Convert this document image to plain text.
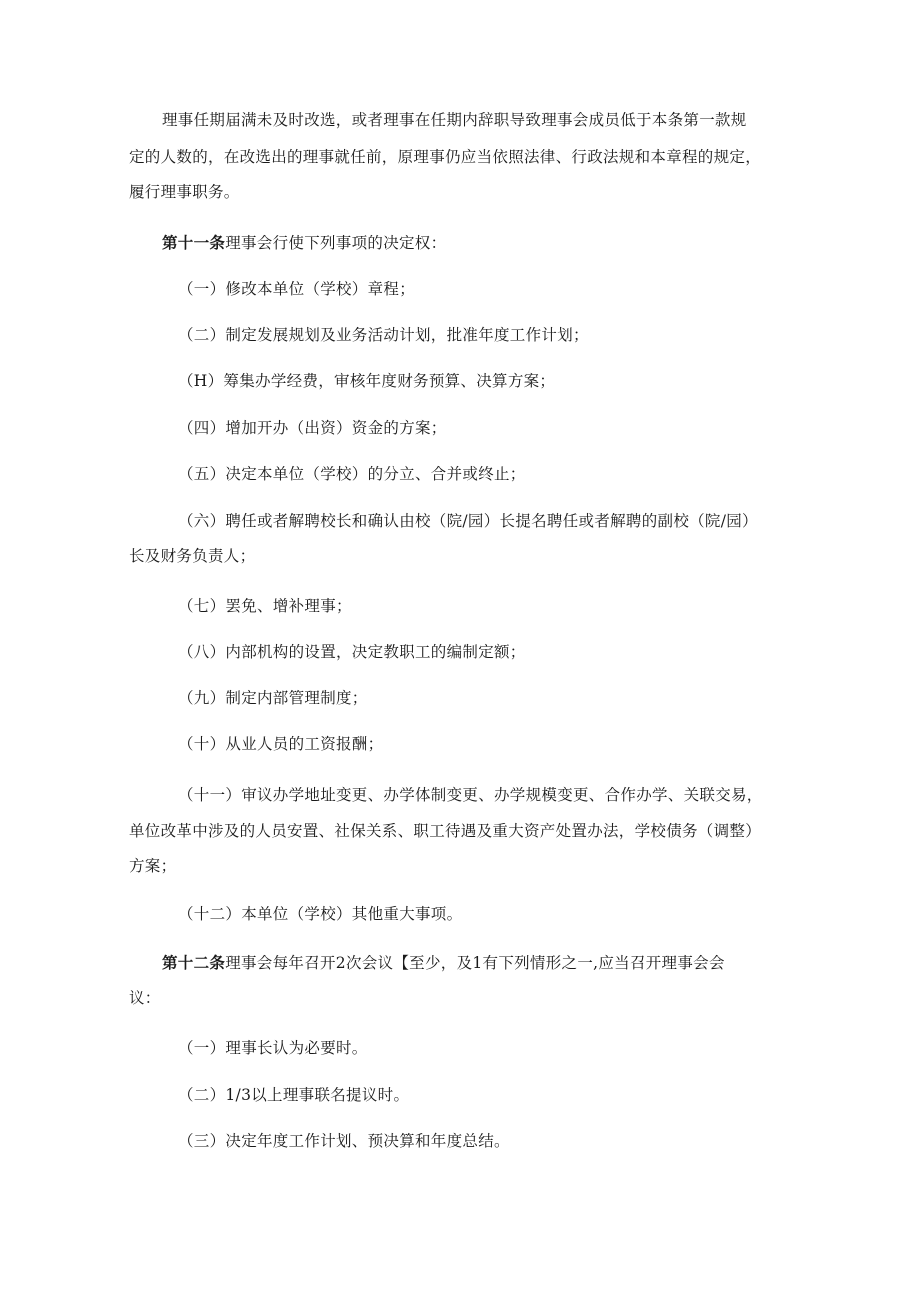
理事任期届满未及时改选，或者理事在任期内辞职导致理事会成员低于本条第一款规
定的人数的，在改选出的理事就任前，原理事仍应当依照法律、行政法规和本章程的规定，
履行理事职务。
第十一条理事会行使下列事项的决定权：
（一）修改本单位（学校）章程；
（二）制定发展规划及业务活动计划，批准年度工作计划；
（H）筹集办学经费，审核年度财务预算、决算方案；
（四）增加开办（出资）资金的方案；
（五）决定本单位（学校）的分立、合并或终止；
（六）聘任或者解聘校长和确认由校（院/园）长提名聘任或者解聘的副校（院/园）
长及财务负责人；
（七）罢免、增补理事；
（八）内部机构的设置，决定教职工的编制定额；
（九）制定内部管理制度；
（十）从业人员的工资报酬；
（十一）审议办学地址变更、办学体制变更、办学规模变更、合作办学、关联交易，
单位改革中涉及的人员安置、社保关系、职工待遇及重大资产处置办法，学校债务（调整）
方案；
（十二）本单位（学校）其他重大事项。
第十二条理事会每年召开2次会议【至少，及1有下列情形之一,应当召开理事会会
议：
（一）理事长认为必要时。
（二）1/3以上理事联名提议时。
（三）决定年度工作计划、预决算和年度总结。
